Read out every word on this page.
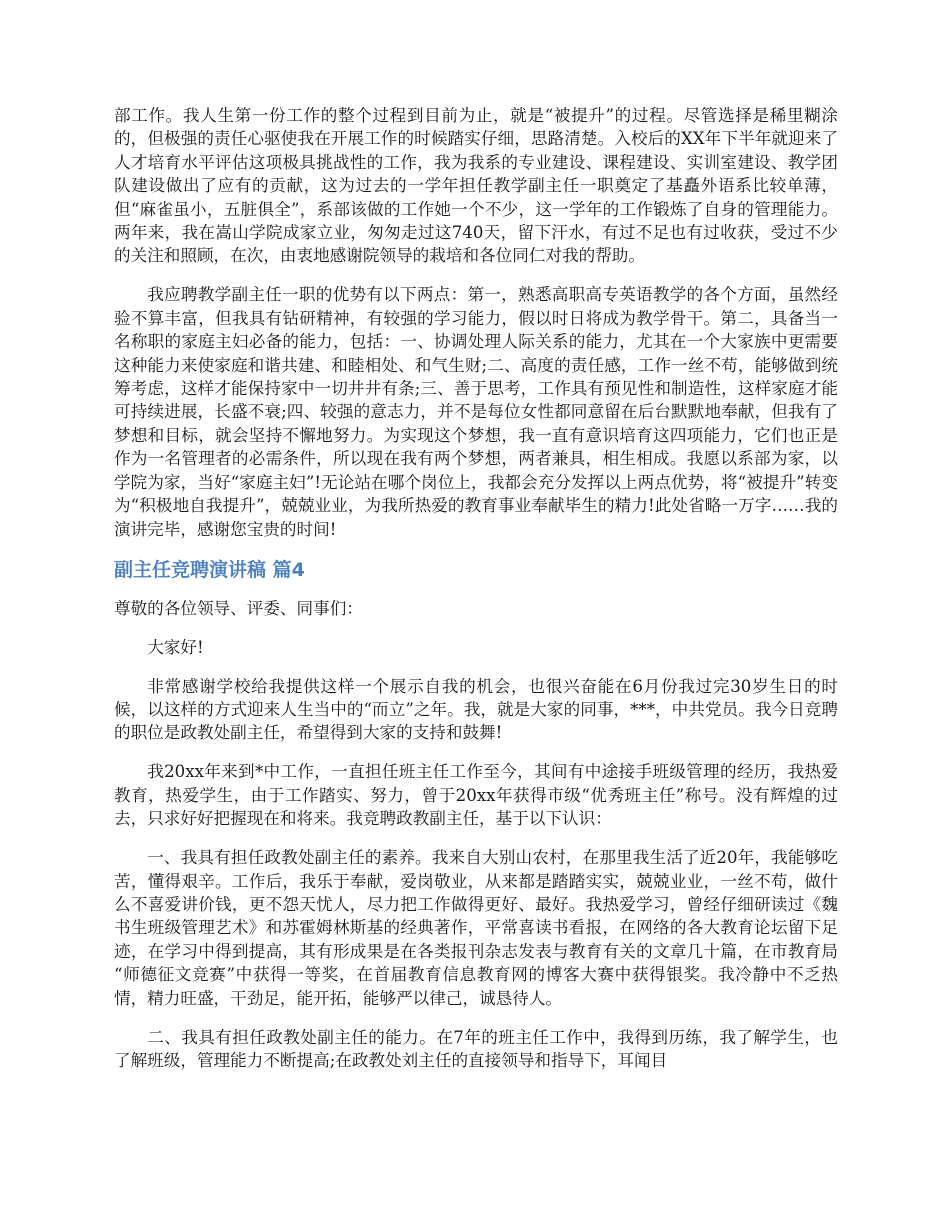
部工作。我人生第一份工作的整个过程到目前为止，就是“被提升”的过程。尽管选择是稀里糊涂的，但极强的责任心驱使我在开展工作的时候踏实仔细，思路清楚。入校后的XX年下半年就迎来了人才培育水平评估这项极具挑战性的工作，我为我系的专业建设、课程建设、实训室建设、教学团队建设做出了应有的贡献，这为过去的一学年担任教学副主任一职奠定了基矗外语系比较单薄，但“麻雀虽小，五脏俱全”，系部该做的工作她一个不少，这一学年的工作锻炼了自身的管理能力。两年来，我在嵩山学院成家立业，匆匆走过这740天，留下汗水，有过不足也有过收获，受过不少的关注和照顾，在次，由衷地感谢院领导的栽培和各位同仁对我的帮助。

我应聘教学副主任一职的优势有以下两点：第一，熟悉高职高专英语教学的各个方面，虽然经验不算丰富，但我具有钻研精神，有较强的学习能力，假以时日将成为教学骨干。第二，具备当一名称职的家庭主妇必备的能力，包括：一、协调处理人际关系的能力，尤其在一个大家族中更需要这种能力来使家庭和谐共建、和睦相处、和气生财;二、高度的责任感，工作一丝不苟，能够做到统筹考虑，这样才能保持家中一切井井有条;三、善于思考，工作具有预见性和制造性，这样家庭才能可持续进展，长盛不衰;四、较强的意志力，并不是每位女性都同意留在后台默默地奉献，但我有了梦想和目标，就会坚持不懈地努力。为实现这个梦想，我一直有意识培育这四项能力，它们也正是作为一名管理者的必需条件，所以现在我有两个梦想，两者兼具，相生相成。我愿以系部为家，以学院为家，当好“家庭主妇”!无论站在哪个岗位上，我都会充分发挥以上两点优势，将“被提升”转变为“积极地自我提升”，兢兢业业，为我所热爱的教育事业奉献毕生的精力!此处省略一万字……我的演讲完毕，感谢您宝贵的时间!

副主任竞聘演讲稿 篇4

尊敬的各位领导、评委、同事们：

大家好!

非常感谢学校给我提供这样一个展示自我的机会，也很兴奋能在6月份我过完30岁生日的时候，以这样的方式迎来人生当中的“而立”之年。我，就是大家的同事，***，中共党员。我今日竞聘的职位是政教处副主任，希望得到大家的支持和鼓舞!

我20xx年来到*中工作，一直担任班主任工作至今，其间有中途接手班级管理的经历，我热爱教育，热爱学生，由于工作踏实、努力，曾于20xx年获得市级“优秀班主任”称号。没有辉煌的过去，只求好好把握现在和将来。我竞聘政教副主任，基于以下认识：

一、我具有担任政教处副主任的素养。我来自大别山农村，在那里我生活了近20年，我能够吃苦，懂得艰辛。工作后，我乐于奉献，爱岗敬业，从来都是踏踏实实，兢兢业业，一丝不苟，做什么不喜爱讲价钱，更不怨天忧人，尽力把工作做得更好、最好。我热爱学习，曾经仔细研读过《魏书生班级管理艺术》和苏霍姆林斯基的经典著作，平常喜读书看报，在网络的各大教育论坛留下足迹，在学习中得到提高，其有形成果是在各类报刊杂志发表与教育有关的文章几十篇，在市教育局 “师德征文竞赛”中获得一等奖，在首届教育信息教育网的博客大赛中获得银奖。我冷静中不乏热情，精力旺盛，干劲足，能开拓，能够严以律己，诚恳待人。

二、我具有担任政教处副主任的能力。在7年的班主任工作中，我得到历练，我了解学生，也了解班级，管理能力不断提高;在政教处刘主任的直接领导和指导下，耳闻目
